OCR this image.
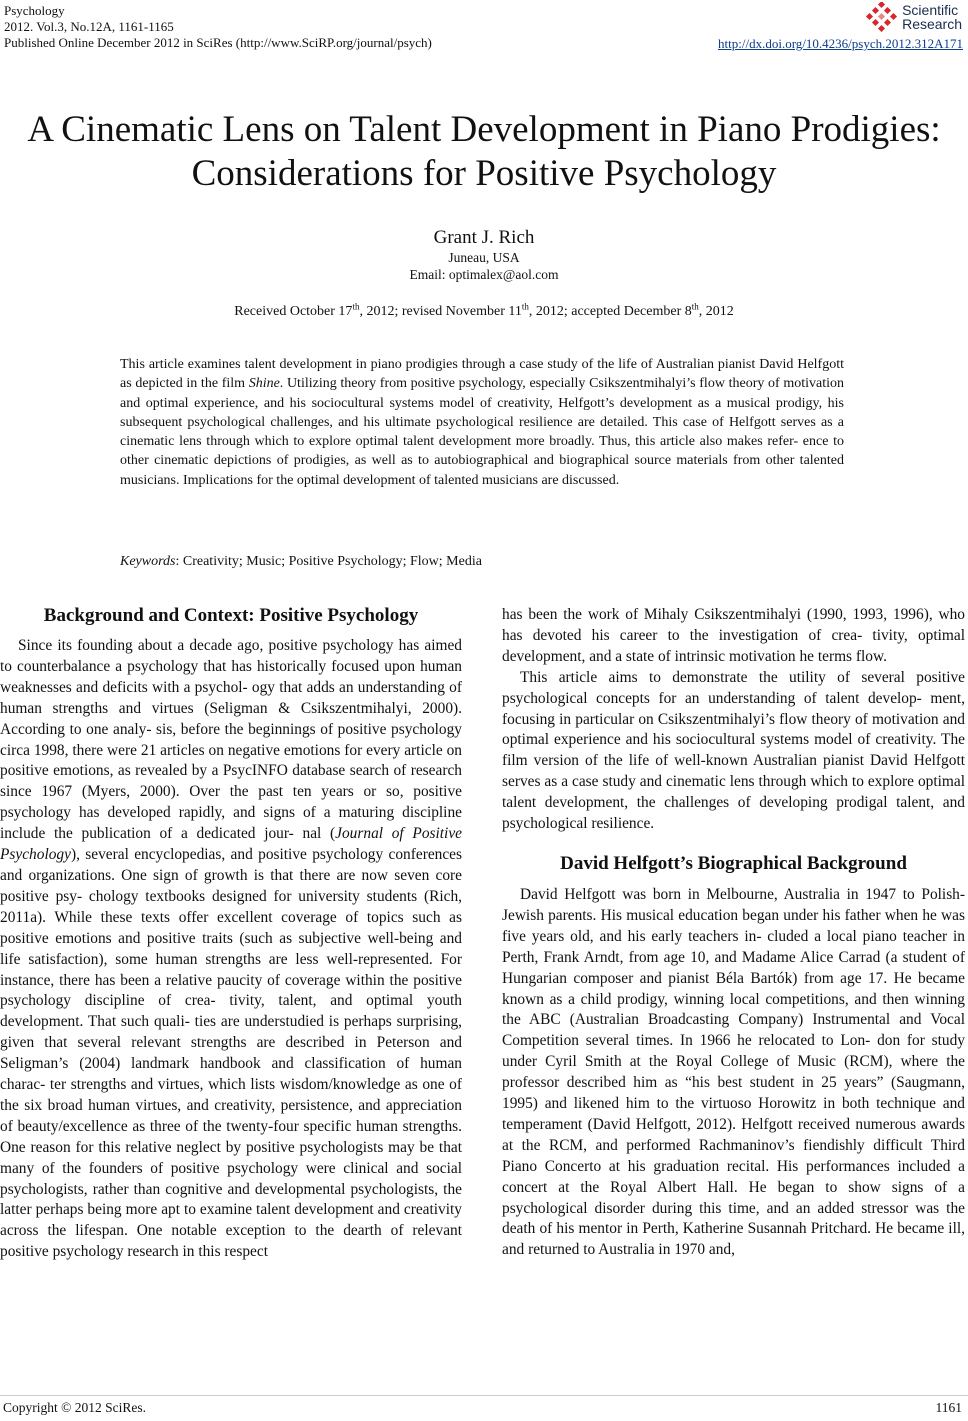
Psychology
2012. Vol.3, No.12A, 1161-1165
Published Online December 2012 in SciRes (http://www.SciRP.org/journal/psych)
Scientific
Research
http://dx.doi.org/10.4236/psych.2012.312A171
A Cinematic Lens on Talent Development in Piano Prodigies:
Considerations for Positive Psychology
Grant J. Rich
Juneau, USA
Email: optimalex@aol.com
Received October 17th, 2012; revised November 11th, 2012; accepted December 8th, 2012
This article examines talent development in piano prodigies through a case study of the life of Australian pianist David Helfgott as depicted in the film Shine. Utilizing theory from positive psychology, especially Csikszentmihalyi’s flow theory of motivation and optimal experience, and his sociocultural systems model of creativity, Helfgott’s development as a musical prodigy, his subsequent psychological challenges, and his ultimate psychological resilience are detailed. This case of Helfgott serves as a cinematic lens through which to explore optimal talent development more broadly. Thus, this article also makes refer- ence to other cinematic depictions of prodigies, as well as to autobiographical and biographical source materials from other talented musicians. Implications for the optimal development of talented musicians are discussed.
Keywords: Creativity; Music; Positive Psychology; Flow; Media
Background and Context: Positive Psychology

Since its founding about a decade ago, positive psychology has aimed to counterbalance a psychology that has historically focused upon human weaknesses and deficits with a psychol- ogy that adds an understanding of human strengths and virtues (Seligman & Csikszentmihalyi, 2000). According to one analy- sis, before the beginnings of positive psychology circa 1998, there were 21 articles on negative emotions for every article on positive emotions, as revealed by a PsycINFO database search of research since 1967 (Myers, 2000). Over the past ten years or so, positive psychology has developed rapidly, and signs of a maturing discipline include the publication of a dedicated jour- nal (Journal of Positive Psychology), several encyclopedias, and positive psychology conferences and organizations. One sign of growth is that there are now seven core positive psy- chology textbooks designed for university students (Rich, 2011a). While these texts offer excellent coverage of topics such as positive emotions and positive traits (such as subjective well-being and life satisfaction), some human strengths are less well-represented. For instance, there has been a relative paucity of coverage within the positive psychology discipline of crea- tivity, talent, and optimal youth development. That such quali- ties are understudied is perhaps surprising, given that several relevant strengths are described in Peterson and Seligman’s (2004) landmark handbook and classification of human charac- ter strengths and virtues, which lists wisdom/knowledge as one of the six broad human virtues, and creativity, persistence, and appreciation of beauty/excellence as three of the twenty-four specific human strengths. One reason for this relative neglect by positive psychologists may be that many of the founders of positive psychology were clinical and social psychologists, rather than cognitive and developmental psychologists, the latter perhaps being more apt to examine talent development and creativity across the lifespan. One notable exception to the dearth of relevant positive psychology research in this respect

has been the work of Mihaly Csikszentmihalyi (1990, 1993, 1996), who has devoted his career to the investigation of crea- tivity, optimal development, and a state of intrinsic motivation he terms flow.

This article aims to demonstrate the utility of several positive psychological concepts for an understanding of talent develop- ment, focusing in particular on Csikszentmihalyi’s flow theory of motivation and optimal experience and his sociocultural systems model of creativity. The film version of the life of well-known Australian pianist David Helfgott serves as a case study and cinematic lens through which to explore optimal talent development, the challenges of developing prodigal talent, and psychological resilience.

David Helfgott’s Biographical Background

David Helfgott was born in Melbourne, Australia in 1947 to Polish-Jewish parents. His musical education began under his father when he was five years old, and his early teachers in- cluded a local piano teacher in Perth, Frank Arndt, from age 10, and Madame Alice Carrad (a student of Hungarian composer and pianist Béla Bartók) from age 17. He became known as a child prodigy, winning local competitions, and then winning the ABC (Australian Broadcasting Company) Instrumental and Vocal Competition several times. In 1966 he relocated to Lon- don for study under Cyril Smith at the Royal College of Music (RCM), where the professor described him as “his best student in 25 years” (Saugmann, 1995) and likened him to the virtuoso Horowitz in both technique and temperament (David Helfgott, 2012). Helfgott received numerous awards at the RCM, and performed Rachmaninov’s fiendishly difficult Third Piano Concerto at his graduation recital. His performances included a concert at the Royal Albert Hall. He began to show signs of a psychological disorder during this time, and an added stressor was the death of his mentor in Perth, Katherine Susannah Pritchard. He became ill, and returned to Australia in 1970 and,

Copyright © 2012 SciRes.	1161
